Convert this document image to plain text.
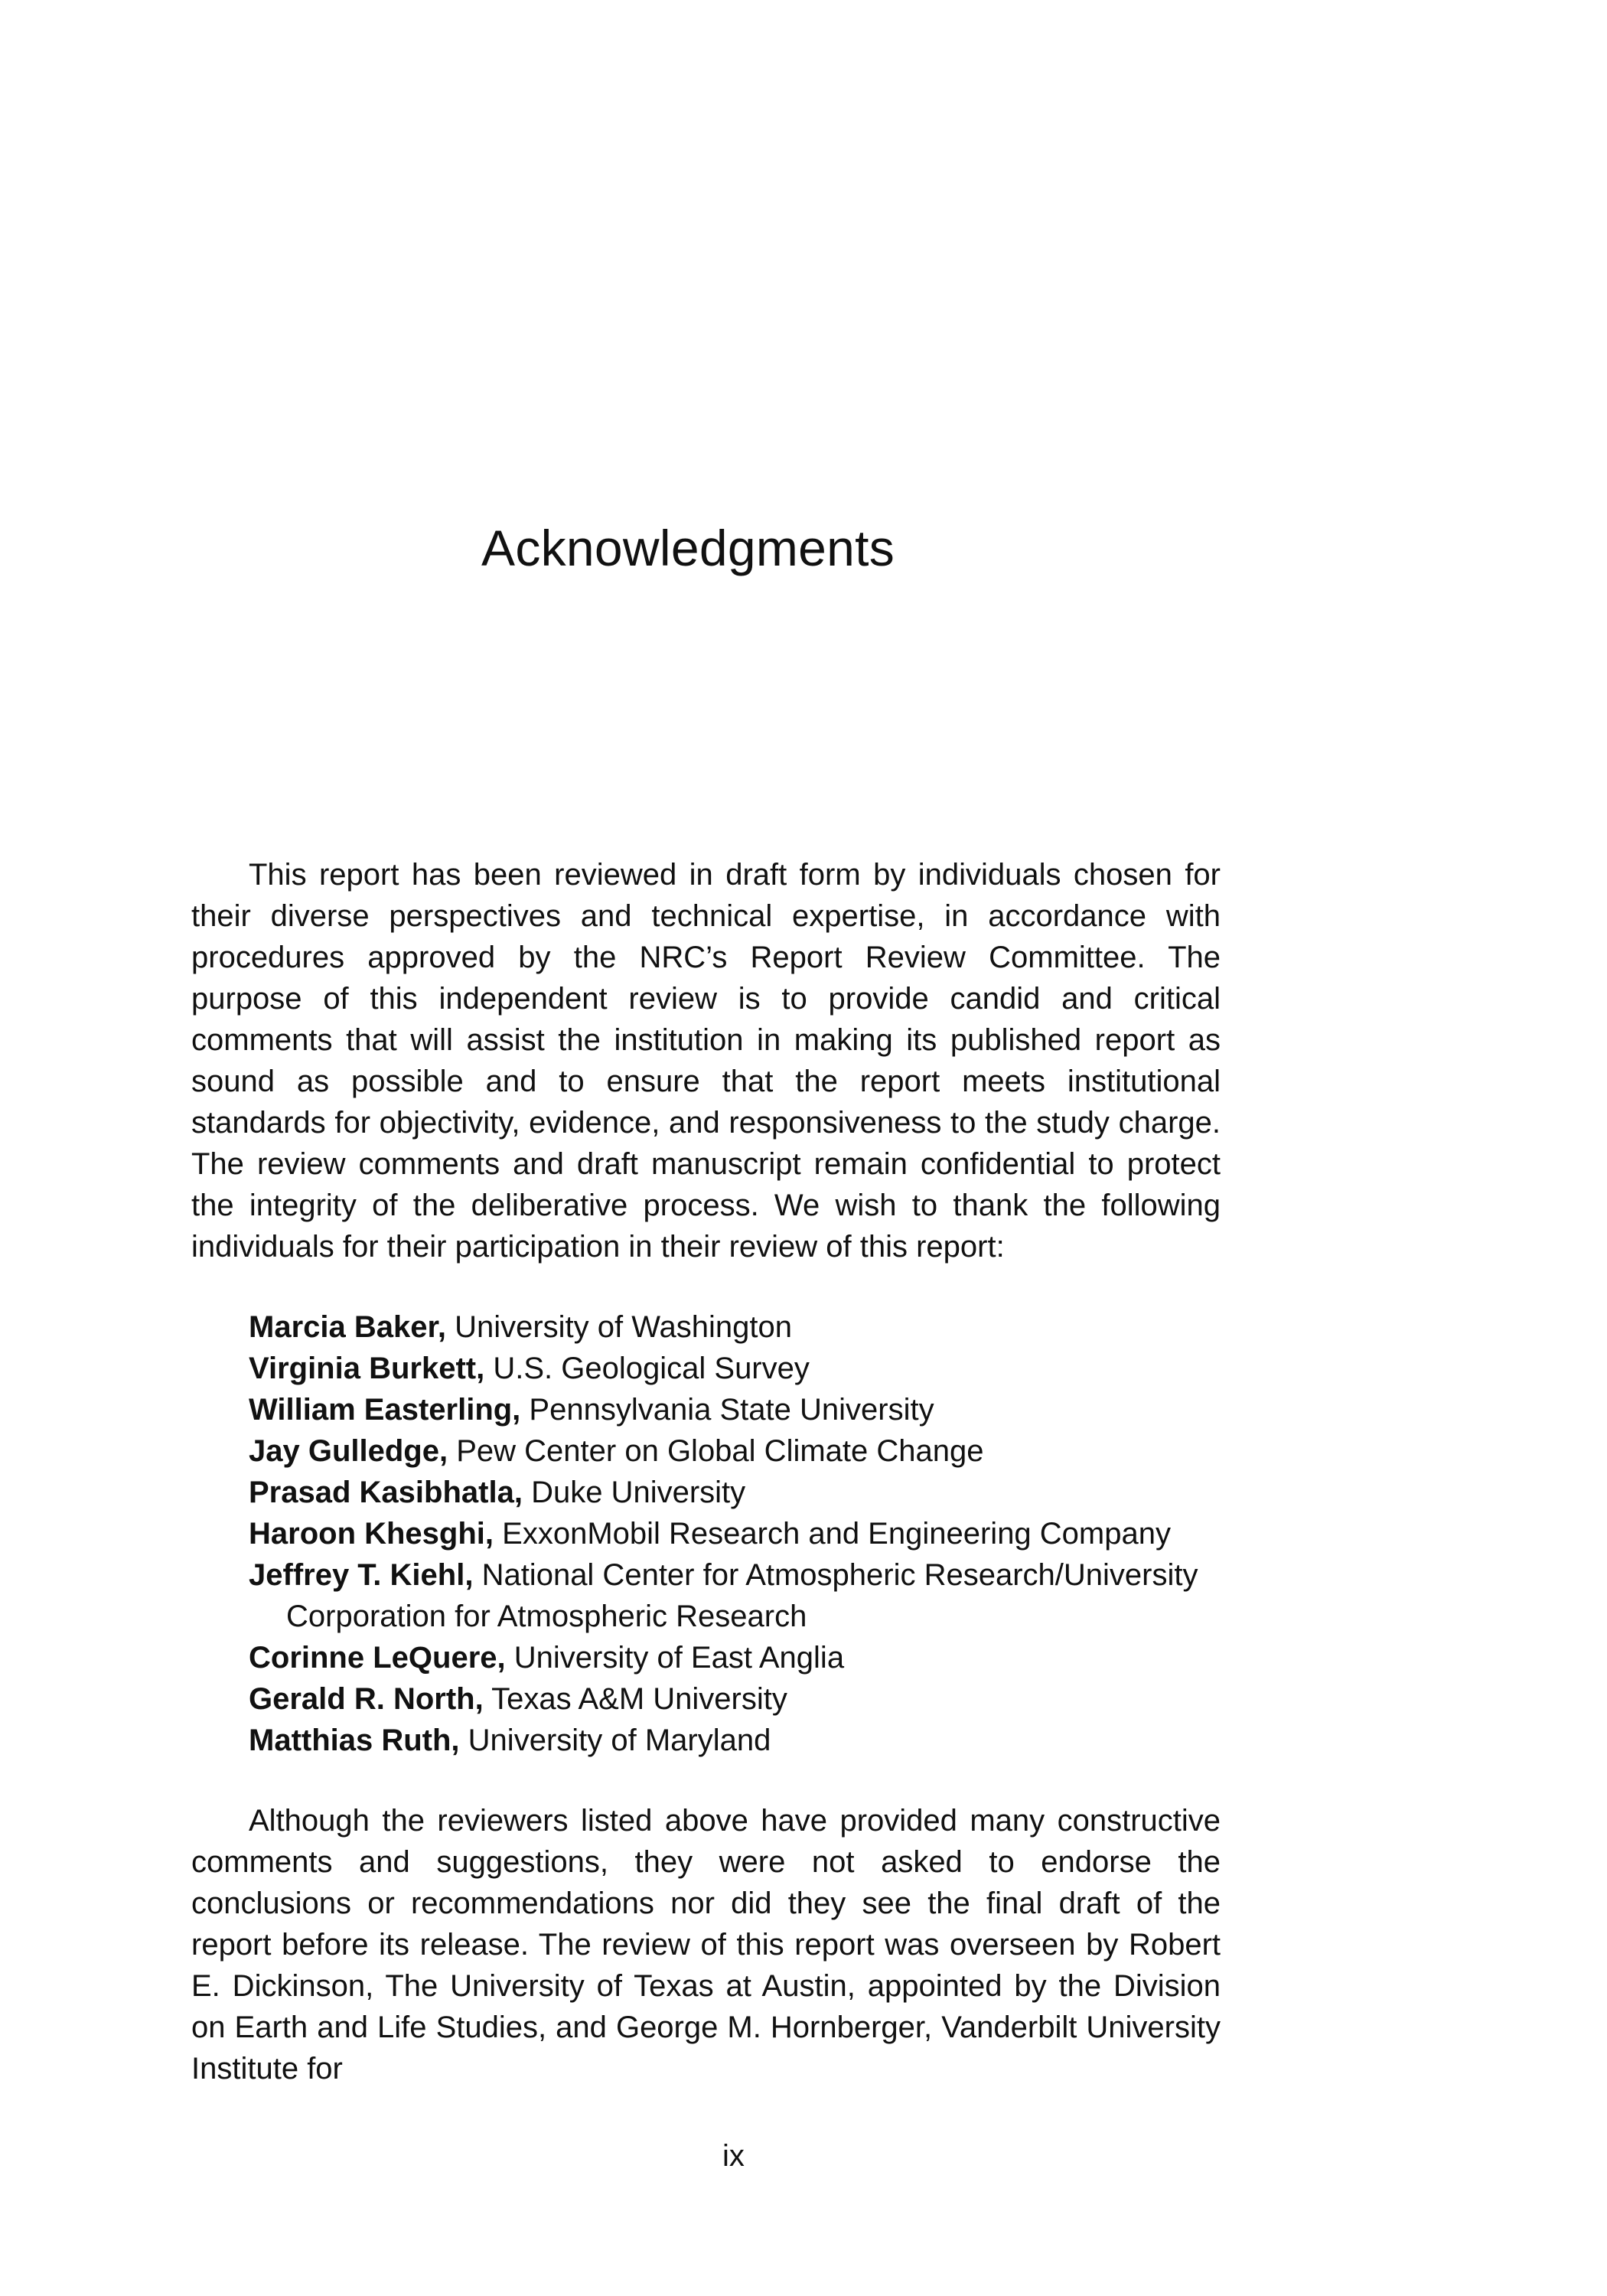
Acknowledgments

This report has been reviewed in draft form by individuals chosen for their diverse perspectives and technical expertise, in accordance with procedures approved by the NRC’s Report Review Committee. The purpose of this independent review is to provide candid and critical comments that will assist the institution in making its published report as sound as possible and to ensure that the report meets institutional standards for objectivity, evidence, and responsiveness to the study charge. The review comments and draft manuscript remain confidential to protect the integrity of the deliberative process. We wish to thank the following individuals for their participation in their review of this report:

Marcia Baker, University of Washington
Virginia Burkett, U.S. Geological Survey
William Easterling, Pennsylvania State University
Jay Gulledge, Pew Center on Global Climate Change
Prasad Kasibhatla, Duke University
Haroon Khesghi, ExxonMobil Research and Engineering Company
Jeffrey T. Kiehl, National Center for Atmospheric Research/University Corporation for Atmospheric Research
Corinne LeQuere, University of East Anglia
Gerald R. North, Texas A&M University
Matthias Ruth, University of Maryland

Although the reviewers listed above have provided many constructive comments and suggestions, they were not asked to endorse the conclusions or recommendations nor did they see the final draft of the report before its release. The review of this report was overseen by Robert E. Dickinson, The University of Texas at Austin, appointed by the Division on Earth and Life Studies, and George M. Hornberger, Vanderbilt University Institute for

ix
